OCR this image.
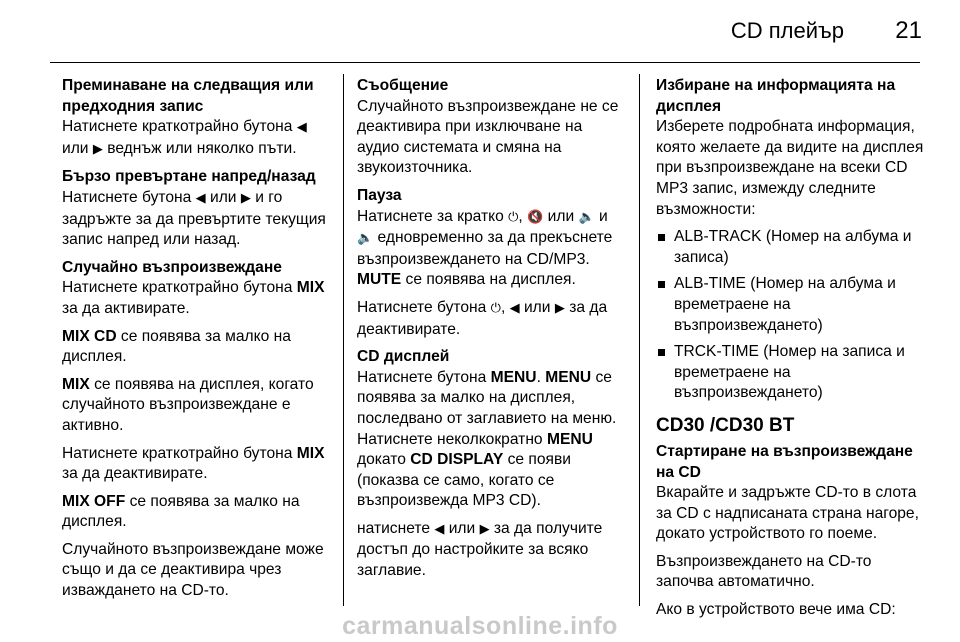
CD плейър 21
Преминаване на следващия или предходния запис
Натиснете краткотрайно бутона ◀ или ▶ веднъж или няколко пъти.
Бързо превъртане напред/назад
Натиснете бутона ◀ или ▶ и го задръжте за да превъртите текущия запис напред или назад.
Случайно възпроизвеждане
Натиснете краткотрайно бутона MIX за да активирате.
MIX CD се появява за малко на дисплея.
MIX се появява на дисплея, когато случайното възпроизвеждане е активно.
Натиснете краткотрайно бутона MIX за да деактивирате.
MIX OFF се появява за малко на дисплея.
Случайното възпроизвеждане може също и да се деактивира чрез изваждането на CD-то.
Съобщение
Случайното възпроизвеждане не се деактивира при изключване на аудио системата и смяна на звукоизточника.
Пауза
Натиснете за кратко ⏻, 🔇 или 🔈 и 🔈 едновременно за да прекъснете възпроизвеждането на CD/MP3. MUTE се появява на дисплея.
Натиснете бутона ⏻, ◀ или ▶ за да деактивирате.
CD дисплей
Натиснете бутона MENU. MENU се появява за малко на дисплея, последвано от заглавието на меню. Натиснете неколкократно MENU докато CD DISPLAY се появи (показва се само, когато се възпроизвежда MP3 CD).
натиснете ◀ или ▶ за да получите достъп до настройките за всяко заглавие.
Избиране на информацията на дисплея
Изберете подробната информация, която желаете да видите на дисплея при възпроизвеждане на всеки CD MP3 запис, измежду следните възможности:
ALB-TRACK (Номер на албума и записа)
ALB-TIME (Номер на албума и времетраене на възпроизвеждането)
TRCK-TIME (Номер на записа и времетраене на възпроизвеждането)
CD30 /CD30 BT
Стартиране на възпроизвеждане на CD
Вкарайте и задръжте CD-то в слота за CD с надписаната страна нагоре, докато устройството го поеме.
Възпроизвеждането на CD-то започва автоматично.
Ако в устройството вече има CD:
carmanualsonline.info
